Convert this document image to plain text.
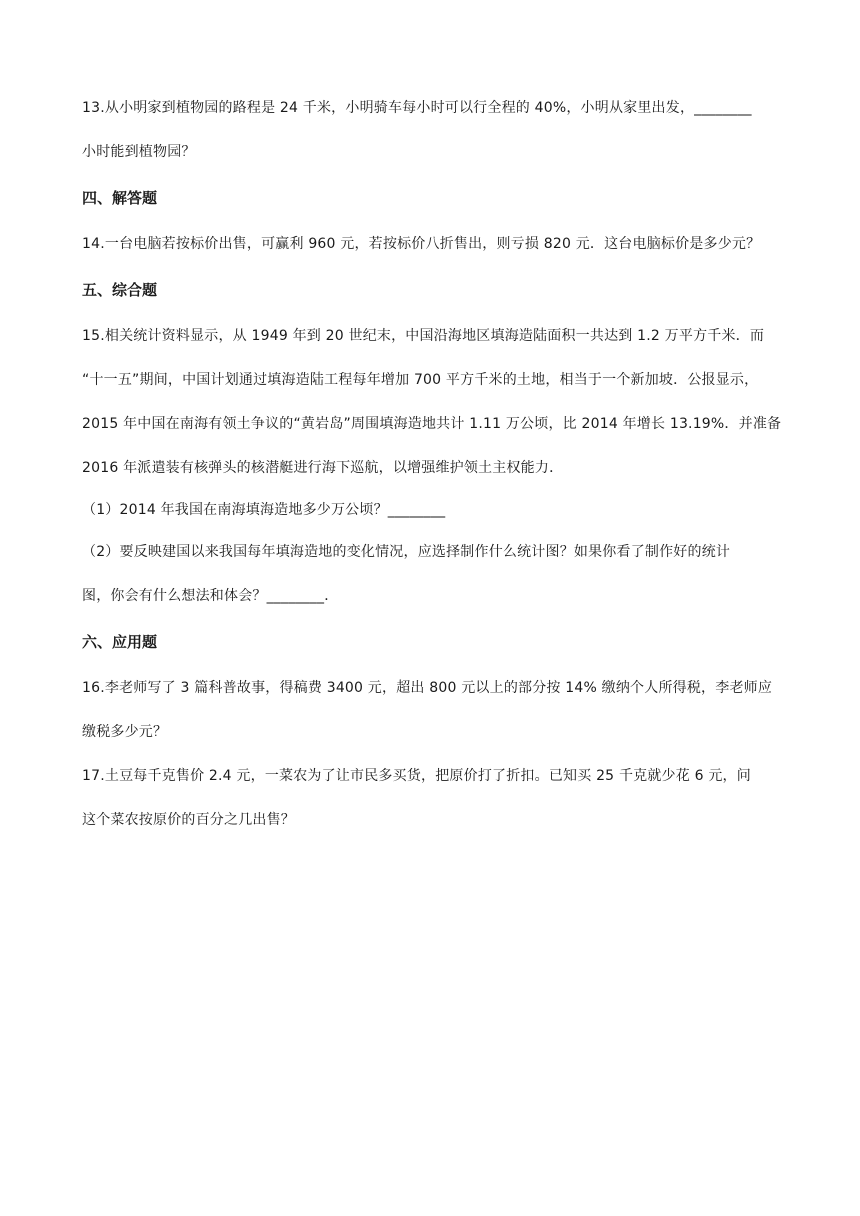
13.从小明家到植物园的路程是 24 千米，小明骑车每小时可以行全程的 40%，小明从家里出发，________
小时能到植物园？
四、解答题
14.一台电脑若按标价出售，可赢利 960 元，若按标价八折售出，则亏损 820 元．这台电脑标价是多少元？
五、综合题
15.相关统计资料显示，从 1949 年到 20 世纪末，中国沿海地区填海造陆面积一共达到 1.2 万平方千米．而
“十一五”期间，中国计划通过填海造陆工程每年增加 700 平方千米的土地，相当于一个新加坡．公报显示，
2015 年中国在南海有领土争议的“黄岩岛”周围填海造地共计 1.11 万公顷，比 2014 年增长 13.19%．并准备
2016 年派遣装有核弹头的核潜艇进行海下巡航，以增强维护领土主权能力．
（1）2014 年我国在南海填海造地多少万公顷？________
（2）要反映建国以来我国每年填海造地的变化情况，应选择制作什么统计图？如果你看了制作好的统计
图，你会有什么想法和体会？________．
六、应用题
16.李老师写了 3 篇科普故事，得稿费 3400 元，超出 800 元以上的部分按 14% 缴纳个人所得税，李老师应
缴税多少元？
17.土豆每千克售价 2.4 元，一菜农为了让市民多买货，把原价打了折扣。已知买 25 千克就少花 6 元，问
这个菜农按原价的百分之几出售？
